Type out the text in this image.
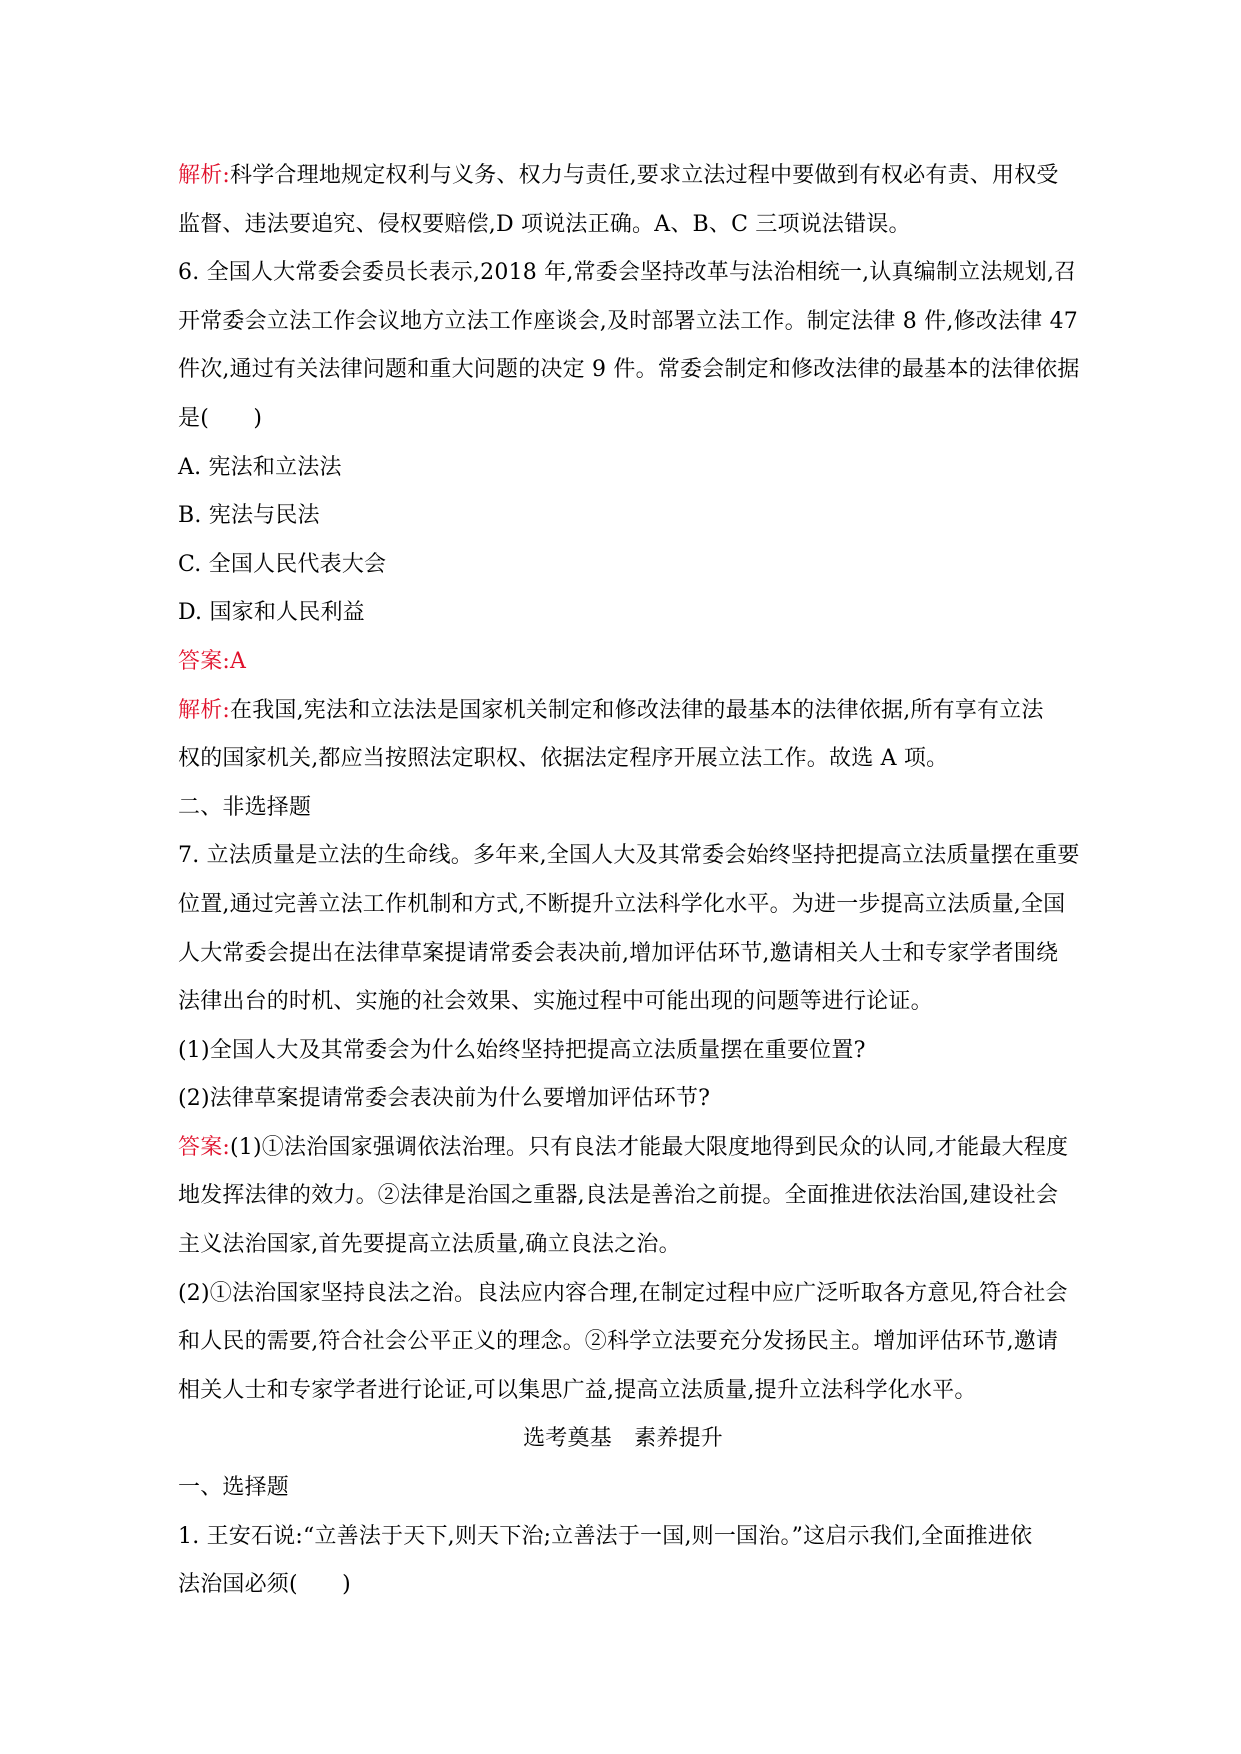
解析:科学合理地规定权利与义务、权力与责任,要求立法过程中要做到有权必有责、用权受
监督、违法要追究、侵权要赔偿,D 项说法正确。A、B、C 三项说法错误。
6. 全国人大常委会委员长表示,2018 年,常委会坚持改革与法治相统一,认真编制立法规划,召
开常委会立法工作会议地方立法工作座谈会,及时部署立法工作。制定法律 8 件,修改法律 47
件次,通过有关法律问题和重大问题的决定 9 件。常委会制定和修改法律的最基本的法律依据
是(　　)
A. 宪法和立法法
B. 宪法与民法
C. 全国人民代表大会
D. 国家和人民利益
答案:A
解析:在我国,宪法和立法法是国家机关制定和修改法律的最基本的法律依据,所有享有立法
权的国家机关,都应当按照法定职权、依据法定程序开展立法工作。故选 A 项。
二、非选择题
7. 立法质量是立法的生命线。多年来,全国人大及其常委会始终坚持把提高立法质量摆在重要
位置,通过完善立法工作机制和方式,不断提升立法科学化水平。为进一步提高立法质量,全国
人大常委会提出在法律草案提请常委会表决前,增加评估环节,邀请相关人士和专家学者围绕
法律出台的时机、实施的社会效果、实施过程中可能出现的问题等进行论证。
(1)全国人大及其常委会为什么始终坚持把提高立法质量摆在重要位置?
(2)法律草案提请常委会表决前为什么要增加评估环节?
答案:(1)①法治国家强调依法治理。只有良法才能最大限度地得到民众的认同,才能最大程度
地发挥法律的效力。②法律是治国之重器,良法是善治之前提。全面推进依法治国,建设社会
主义法治国家,首先要提高立法质量,确立良法之治。
(2)①法治国家坚持良法之治。良法应内容合理,在制定过程中应广泛听取各方意见,符合社会
和人民的需要,符合社会公平正义的理念。②科学立法要充分发扬民主。增加评估环节,邀请
相关人士和专家学者进行论证,可以集思广益,提高立法质量,提升立法科学化水平。
选考奠基　素养提升
一、选择题
1. 王安石说:“立善法于天下,则天下治;立善法于一国,则一国治。”这启示我们,全面推进依
法治国必须(　　)
